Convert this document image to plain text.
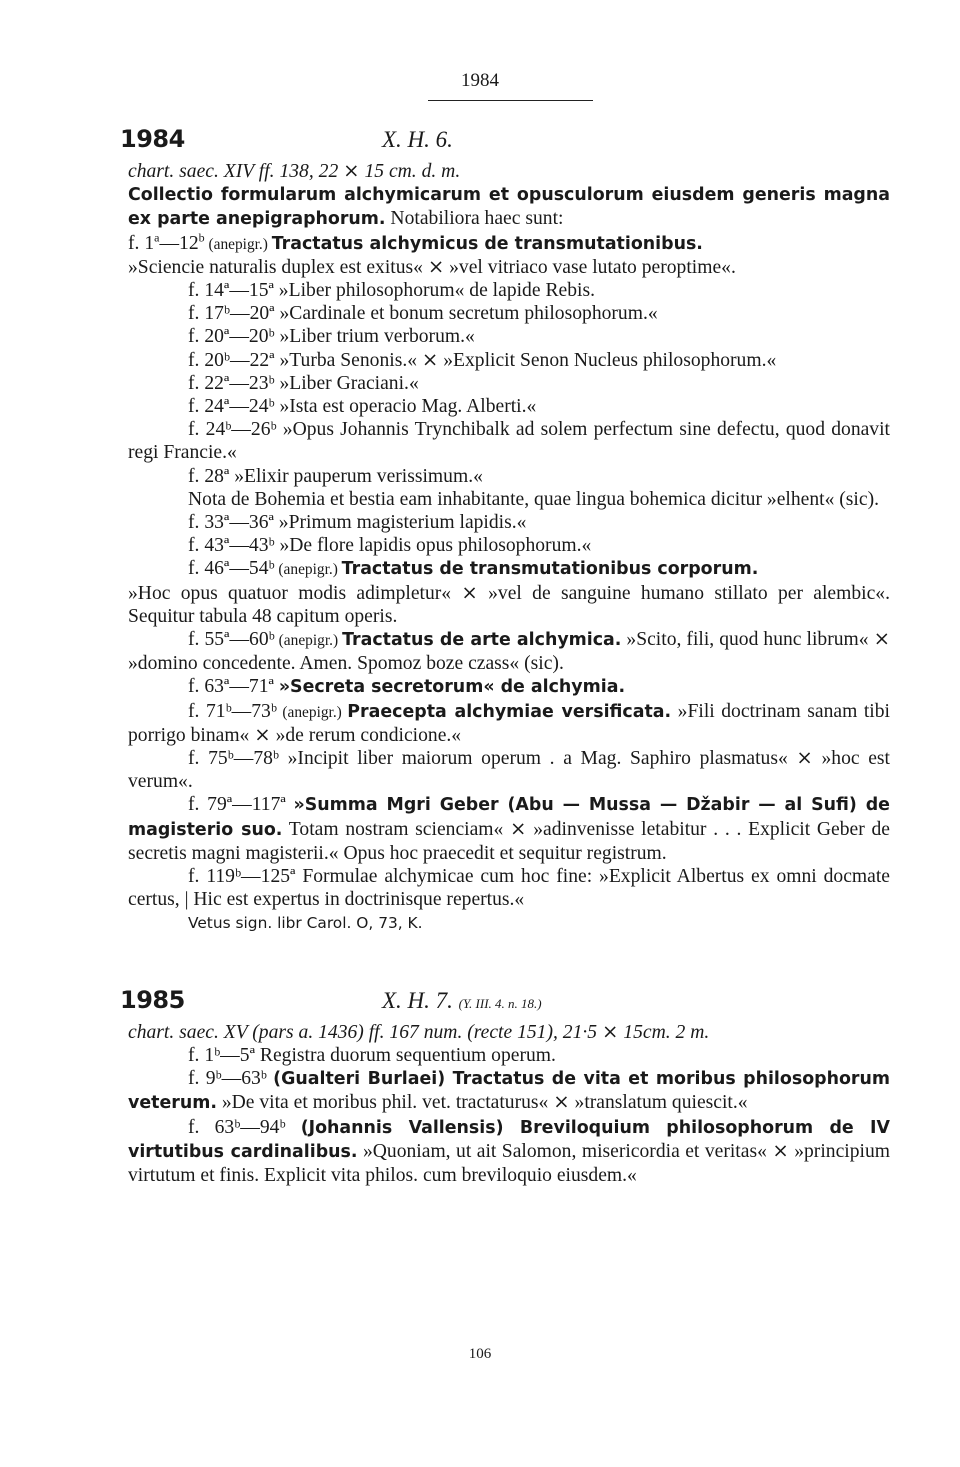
1984
1984	X. H. 6.
chart. saec. XIV ff. 138, 22 ⨯ 15 cm. d. m.
Collectio formularum alchymicarum et opusculorum eiusdem generis magna ex parte anepigraphorum. Notabiliora haec sunt:
f. 1$^a$—12$^b$ (anepigr.) Tractatus alchymicus de transmutationibus.
»Sciencie naturalis duplex est exitus« ⨯ »vel vitriaco vase lutato peroptime«.
f. 14ª—15ª »Liber philosophorum« de lapide Rebis.
f. 17ᵇ—20ª »Cardinale et bonum secretum philosophorum.«
f. 20ª—20ᵇ »Liber trium verborum.«
f. 20ᵇ—22ª »Turba Senonis.« ⨯ »Explicit Senon Nucleus philosophorum.«
f. 22ª—23ᵇ »Liber Graciani.«
f. 24ª—24ᵇ »Ista est operacio Mag. Alberti.«
f. 24ᵇ—26ᵇ »Opus Johannis Trynchibalk ad solem perfectum sine defectu, quod donavit regi Francie.«
f. 28ª »Elixir pauperum verissimum.«
Nota de Bohemia et bestia eam inhabitante, quae lingua bohemica dicitur »elhent« (sic).
f. 33ª—36ª »Primum magisterium lapidis.«
f. 43ª—43ᵇ »De flore lapidis opus philosophorum.«
f. 46ª—54ᵇ (anepigr.) Tractatus de transmutationibus corporum.
»Hoc opus quatuor modis adimpletur« ⨯ »vel de sanguine humano stillato per alembic«. Sequitur tabula 48 capitum operis.
f. 55ª—60ᵇ (anepigr.) Tractatus de arte alchymica. »Scito, fili, quod hunc librum« ⨯ »domino concedente. Amen. Spomoz boze czass« (sic).
f. 63ª—71ª »Secreta secretorum« de alchymia.
f. 71ᵇ—73ᵇ (anepigr.) Praecepta alchymiae versificata. »Fili doctrinam sanam tibi porrigo binam« ⨯ »de rerum condicione.«
f. 75ᵇ—78ᵇ »Incipit liber maiorum operum . a Mag. Saphiro plasmatus« ⨯ »hoc est verum«.
f. 79ª—117ª »Summa Mgri Geber (Abu — Mussa — Džabir — al Sufi) de magisterio suo. Totam nostram scienciam« ⨯ »adinvenisse letabitur . . . Explicit Geber de secretis magni magisterii.« Opus hoc praecedit et sequitur registrum.
f. 119ᵇ—125ª Formulae alchymicae cum hoc fine: »Explicit Albertus ex omni docmate certus, | Hic est expertus in doctrinisque repertus.«
Vetus sign. libr Carol. O, 73, K.
1985	X. H. 7. (Y. III. 4. n. 18.)
chart. saec. XV (pars a. 1436) ff. 167 num. (recte 151), 21·5 ⨯ 15cm. 2 m.
f. 1ᵇ—5ª Registra duorum sequentium operum.
f. 9ᵇ—63ᵇ (Gualteri Burlaei) Tractatus de vita et moribus philosophorum veterum. »De vita et moribus phil. vet. tractaturus« ⨯ »translatum quiescit.«
f. 63ᵇ—94ᵇ (Johannis Vallensis) Breviloquium philosophorum de IV virtutibus cardinalibus. »Quoniam, ut ait Salomon, misericordia et veritas« ⨯ »principium virtutum et finis. Explicit vita philos. cum breviloquio eiusdem.«
106
